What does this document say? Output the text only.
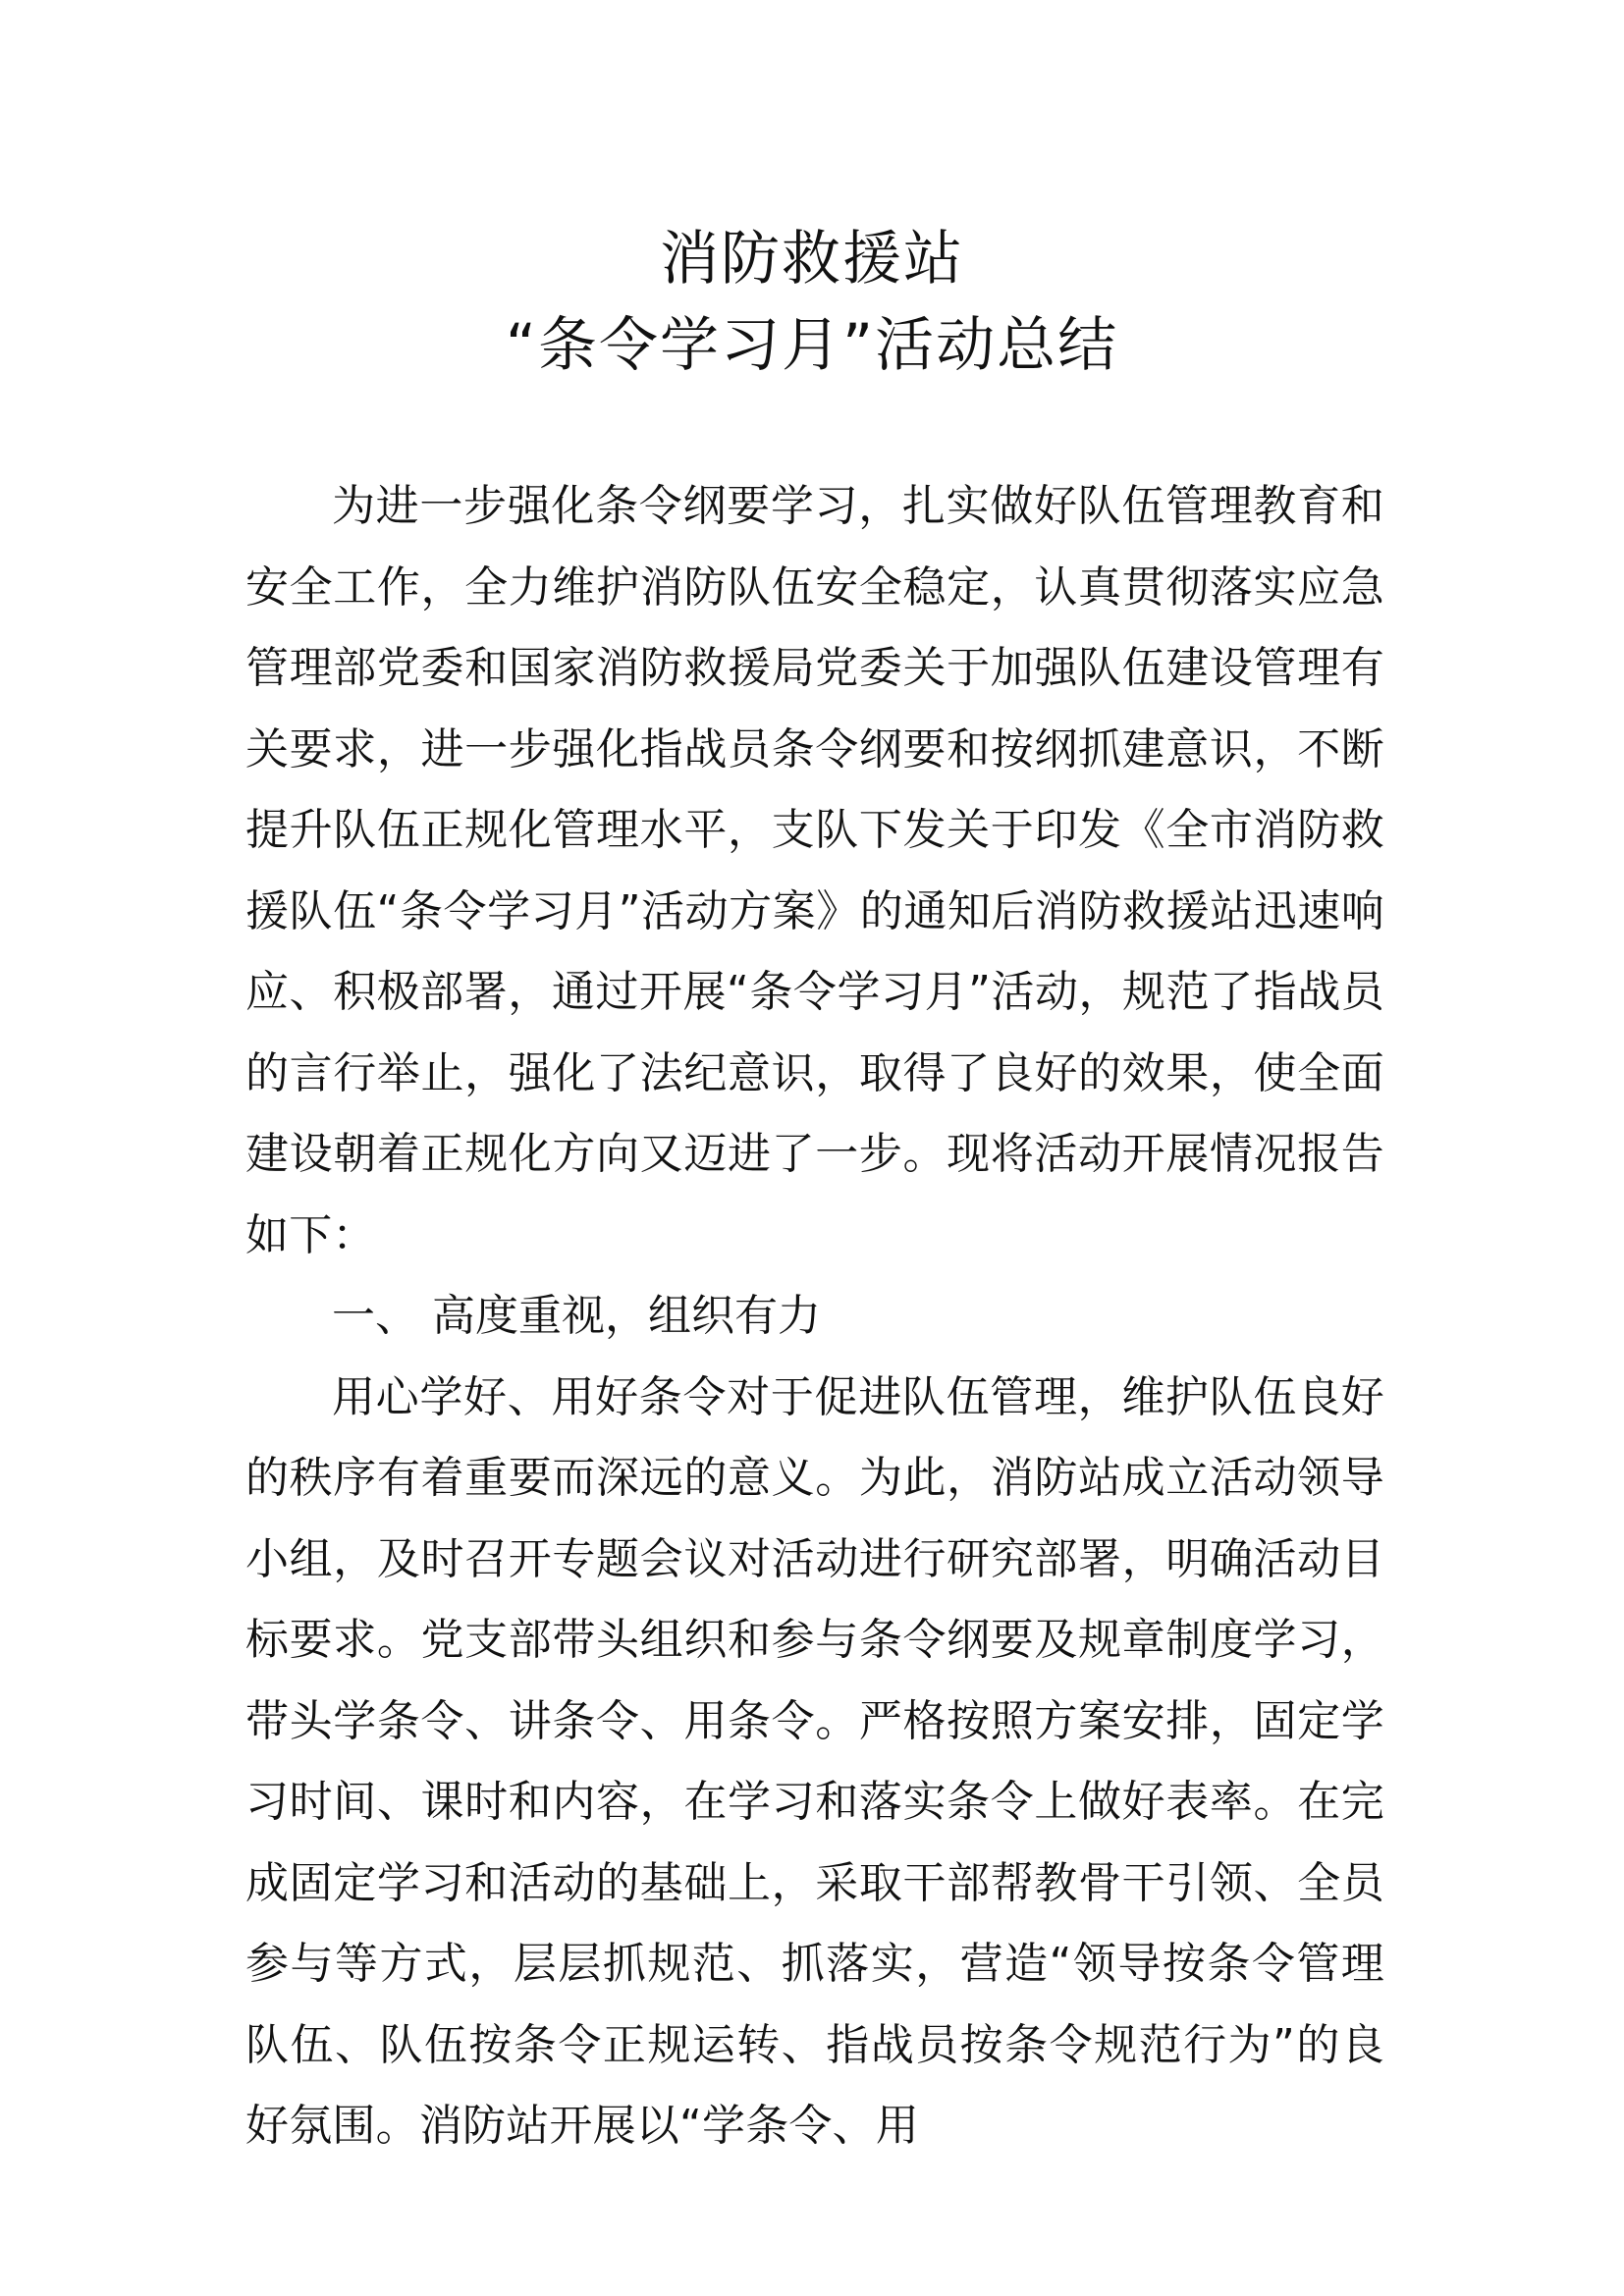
消防救援站
“条令学习月”活动总结

为进一步强化条令纲要学习，扎实做好队伍管理教育和安全工作，全力维护消防队伍安全稳定，认真贯彻落实应急管理部党委和国家消防救援局党委关于加强队伍建设管理有关要求，进一步强化指战员条令纲要和按纲抓建意识，不断提升队伍正规化管理水平，支队下发关于印发《全市消防救援队伍“条令学习月”活动方案》的通知后消防救援站迅速响应、积极部署，通过开展“条令学习月”活动，规范了指战员的言行举止，强化了法纪意识，取得了良好的效果，使全面建设朝着正规化方向又迈进了一步。现将活动开展情况报告如下：

一、 高度重视，组织有力

用心学好、用好条令对于促进队伍管理，维护队伍良好的秩序有着重要而深远的意义。为此，消防站成立活动领导小组，及时召开专题会议对活动进行研究部署，明确活动目标要求。党支部带头组织和参与条令纲要及规章制度学习，带头学条令、讲条令、用条令。严格按照方案安排，固定学习时间、课时和内容，在学习和落实条令上做好表率。在完成固定学习和活动的基础上，采取干部帮教骨干引领、全员参与等方式，层层抓规范、抓落实，营造“领导按条令管理队伍、队伍按条令正规运转、指战员按条令规范行为”的良好氛围。消防站开展以“学条令、用
